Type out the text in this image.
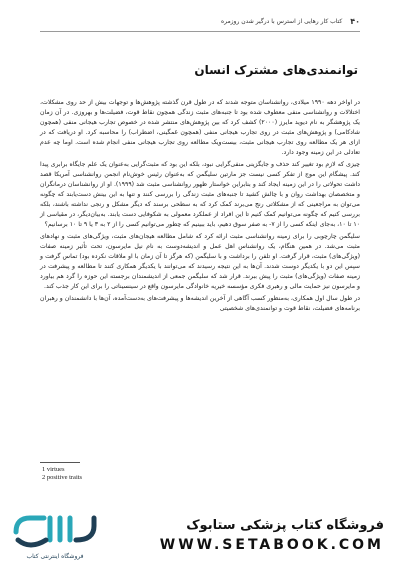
۴۰
کتاب کار رهایی از استرس با درگیر شدن روزمره
توانمندی‌های مشترک انسان

در اواخر دهه ۱۹۹۰ میلادی، روانشناسان متوجه شدند که در طول قرن گذشته پژوهش‌ها و توجهات بیش از حد روی مشکلات، اختلالات و روانشناسی منفی معطوف شده بود تا جنبه‌های مثبت زندگی همچون نقاط قوت، فضیلت‌ها و بهروزی. در آن زمان یک پژوهشگر به نام دیوید مایرز (۲۰۰۰) کشف کرد که بین پژوهش‌های منتشر شده در خصوص تجارب هیجانی منفی (همچون شادکامی) و پژوهش‌های مثبت در روی تجارب هیجانی منفی (همچون غمگینی، اضطراب) را محاسبه کرد. او دریافت که در ازای هر یک مطالعه روی تجارب هیجانی مثبت، بیست‌و‌یک مطالعه روی تجارب هیجانی منفی انجام شده است. اوما چه عدم تعادلی در این زمینه وجود دارد.

چیزی که لازم بود تغییر کند حذف و جایگزینی منفی‌گرایی نبود، بلکه این بود که مثبت‌گرایی به‌عنوان یک علم جایگاه برابری پیدا کند. پیشگام این موج از تفکر کسی نیست جز مارتین سلیگمن که به‌عنوان رئیس خوش‌نام انجمن روانشناسی آمریکا قصد داشت تحولاتی را در این زمینه ایجاد کند و بنابراین خواستار ظهور روانشناسی مثبت شد (۱۹۹۹). او از روانشناسان درمانگران و متخصصان بهداشت روان و با چالش کشید تا جنبه‌های مثبت زندگی را بررسی کنند و تنها به این بینش دست‌یابند که چگونه می‌توان به مراجعینی که از مشکلاتی رنج می‌برند کمک کرد که به سطحی برسند که دیگر مشکل و رنجی نداشته باشند، بلکه بررسی کنیم که چگونه می‌توانیم کمک کنیم تا این افراد از عملکرد معمولی به شکوفایی دست یابند. به‌بیان‌دیگر، در مقیاسی از ۱۰ تا ۱۰، به‌جای اینکه کسی را از ۷- به صفر سوق دهیم، باید ببینیم که چطور می‌توانیم کسی را از ۲ به ۳ یا ۹ تا ۱۰ برسانیم؟

سلیگمن چارچوبی را برای زمینه روانشناسی مثبت ارائه کرد که شامل مطالعه هیجان‌های مثبت، ویژگی‌های مثبت و نهادهای مثبت می‌شد. در همین هنگام، یک روانشناس اهل عمل و اندیشه‌دوست به نام نیل مایرسون، تحت تأثیر زمینه صفات (ویژگی‌های) مثبت، قرار گرفت. او تلفن را برداشت و با سلیگمن (که هرگز تا آن زمان با او ملاقات نکرده بود) تماس گرفت و سپس این دو با یکدیگر دوست شدند. آن‌ها به این نتیجه رسیدند که می‌توانند با یکدیگر همکاری کنند تا مطالعه و پیشرفت در زمینه صفات (ویژگی‌های) مثبت را پیش ببرند. قرار شد که سلیگمن جمعی از اندیشمندان برجسته این حوزه را گرد هم بیاورد و مایرسون نیز حمایت مالی و رهبری فکری مؤسسه خیریه خانوادگی مایرسون واقع در سینسیناتی را برای این کار جذب کند.

در طول سال اول همکاری، به‌منظور کسب آگاهی از آخرین اندیشه‌ها و پیشرفت‌های به‌دست‌آمده، آن‌ها با دانشمندان و رهبران برنامه‌های فضیلت، نقاط قوت و توانمندی‌های شخصیتی

1 virtues
2 positive traits
فروشگاه اینترنتی کتاب
فروشگاه کتاب پزشکی ستابوک
WWW.SETABOOK.COM
